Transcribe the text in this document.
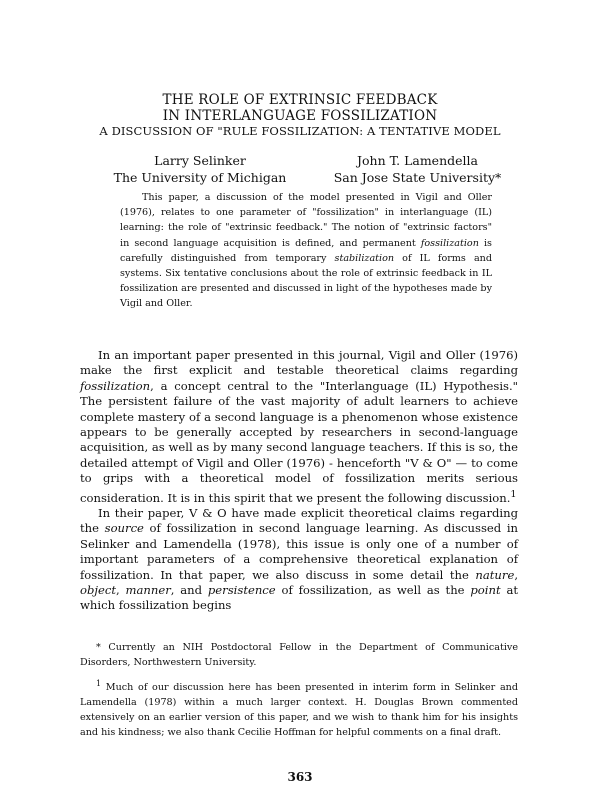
THE ROLE OF EXTRINSIC FEEDBACK
IN INTERLANGUAGE FOSSILIZATION
A DISCUSSION OF "RULE FOSSILIZATION: A TENTATIVE MODEL
Larry Selinker
The University of Michigan
John T. Lamendella
San Jose State University*

This paper, a discussion of the model presented in Vigil and Oller (1976), relates to one parameter of "fossilization" in interlanguage (IL) learning: the role of "extrinsic feedback." The notion of "extrinsic factors" in second language acquisition is defined, and permanent fossilization is carefully distinguished from temporary stabilization of IL forms and systems. Six tentative conclusions about the role of extrinsic feedback in IL fossilization are presented and discussed in light of the hypotheses made by Vigil and Oller.

In an important paper presented in this journal, Vigil and Oller (1976) make the first explicit and testable theoretical claims regarding fossilization, a concept central to the "Interlanguage (IL) Hypothesis." The persistent failure of the vast majority of adult learners to achieve complete mastery of a second language is a phenomenon whose existence appears to be generally accepted by researchers in second-language acquisition, as well as by many second language teachers. If this is so, the detailed attempt of Vigil and Oller (1976) - henceforth "V & O" — to come to grips with a theoretical model of fossilization merits serious consideration. It is in this spirit that we present the following discussion.$^1$

In their paper, V & O have made explicit theoretical claims regarding the source of fossilization in second language learning. As discussed in Selinker and Lamendella (1978), this issue is only one of a number of important parameters of a comprehensive theoretical explanation of fossilization. In that paper, we also discuss in some detail the nature, object, manner, and persistence of fossilization, as well as the point at which fossilization begins

* Currently an NIH Postdoctoral Fellow in the Department of Communicative Disorders, Northwestern University.

$^1$ Much of our discussion here has been presented in interim form in Selinker and Lamendella (1978) within a much larger context. H. Douglas Brown commented extensively on an earlier version of this paper, and we wish to thank him for his insights and his kindness; we also thank Cecilie Hoffman for helpful comments on a final draft.

363
